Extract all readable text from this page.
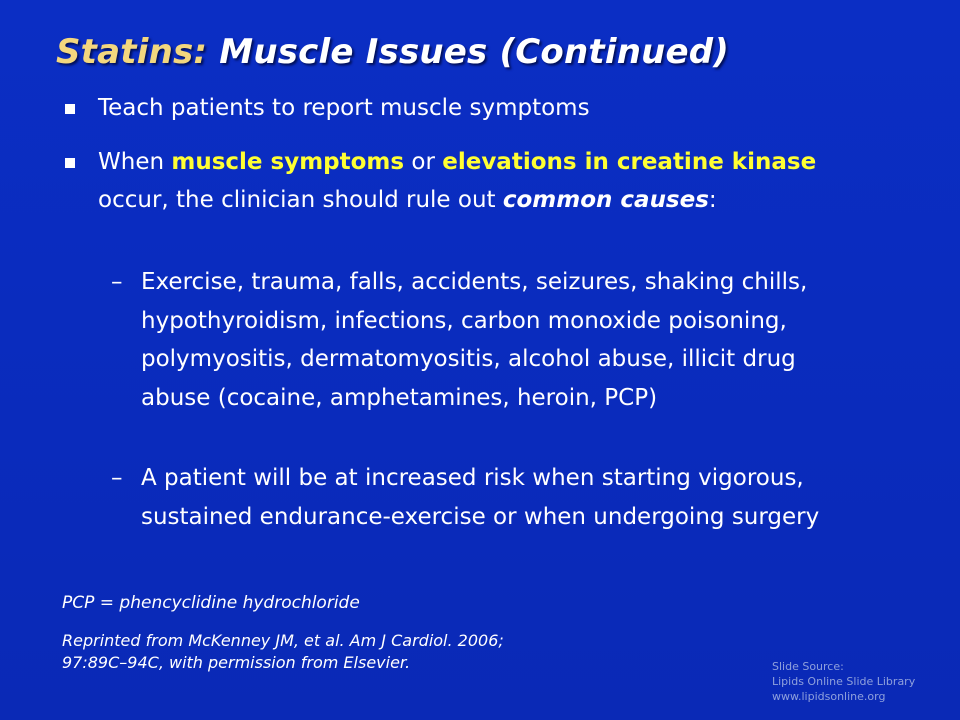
Statins: Muscle Issues (Continued)
Teach patients to report muscle symptoms
When muscle symptoms or elevations in creatine kinase occur, the clinician should rule out common causes:
– Exercise, trauma, falls, accidents, seizures, shaking chills, hypothyroidism, infections, carbon monoxide poisoning, polymyositis, dermatomyositis, alcohol abuse, illicit drug abuse (cocaine, amphetamines, heroin, PCP)
– A patient will be at increased risk when starting vigorous, sustained endurance-exercise or when undergoing surgery

PCP = phencyclidine hydrochloride

Reprinted from McKenney JM, et al. Am J Cardiol. 2006;
97:89C–94C, with permission from Elsevier.	Slide Source:
Lipids Online Slide Library
www.lipidsonline.org
